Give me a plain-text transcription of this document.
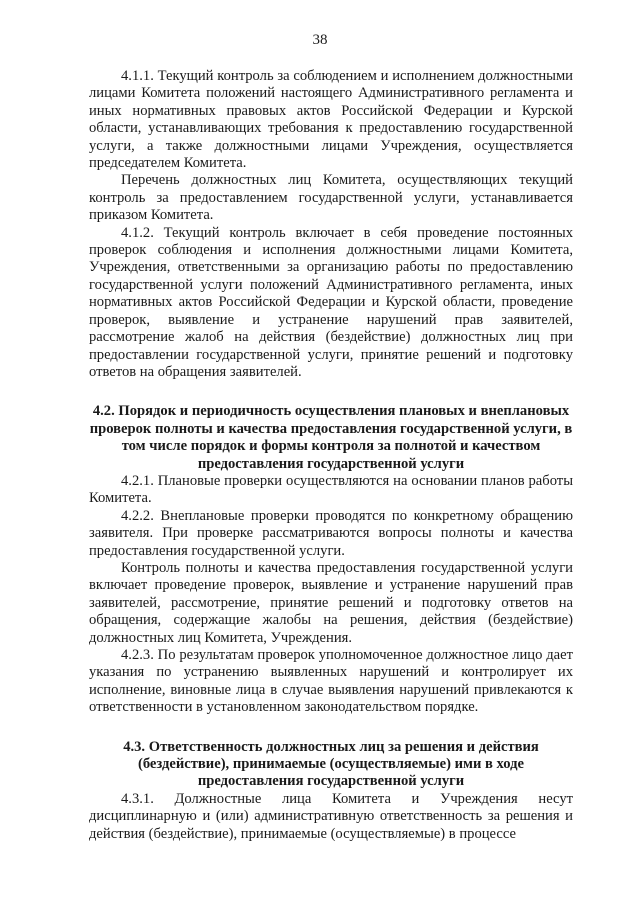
38

4.1.1. Текущий контроль за соблюдением и исполнением должностными лицами Комитета положений настоящего Административного регламента и иных нормативных правовых актов Российской Федерации и Курской области, устанавливающих требования к предоставлению государственной услуги, а также должностными лицами Учреждения, осуществляется председателем Комитета.

Перечень должностных лиц Комитета, осуществляющих текущий контроль за предоставлением государственной услуги, устанавливается приказом Комитета.

4.1.2. Текущий контроль включает в себя проведение постоянных проверок соблюдения и исполнения должностными лицами Комитета, Учреждения, ответственными за организацию работы по предоставлению государственной услуги положений Административного регламента, иных нормативных актов Российской Федерации и Курской области, проведение проверок, выявление и устранение нарушений прав заявителей, рассмотрение жалоб на действия (бездействие) должностных лиц при предоставлении государственной услуги, принятие решений и подготовку ответов на обращения заявителей.

4.2. Порядок и периодичность осуществления плановых и внеплановых проверок полноты и качества предоставления государственной услуги, в том числе порядок и формы контроля за полнотой и качеством предоставления государственной услуги

4.2.1. Плановые проверки осуществляются на основании планов работы Комитета.

4.2.2. Внеплановые проверки проводятся по конкретному обращению заявителя. При проверке рассматриваются вопросы полноты и качества предоставления государственной услуги.

Контроль полноты и качества предоставления государственной услуги включает проведение проверок, выявление и устранение нарушений прав заявителей, рассмотрение, принятие решений и подготовку ответов на обращения, содержащие жалобы на решения, действия (бездействие) должностных лиц Комитета, Учреждения.

4.2.3. По результатам проверок уполномоченное должностное лицо дает указания по устранению выявленных нарушений и контролирует их исполнение, виновные лица в случае выявления нарушений привлекаются к ответственности в установленном законодательством порядке.

4.3. Ответственность должностных лиц за решения и действия (бездействие), принимаемые (осуществляемые) ими в ходе предоставления государственной услуги

4.3.1. Должностные лица Комитета и Учреждения несут дисциплинарную и (или) административную ответственность за решения и действия (бездействие), принимаемые (осуществляемые) в процессе
